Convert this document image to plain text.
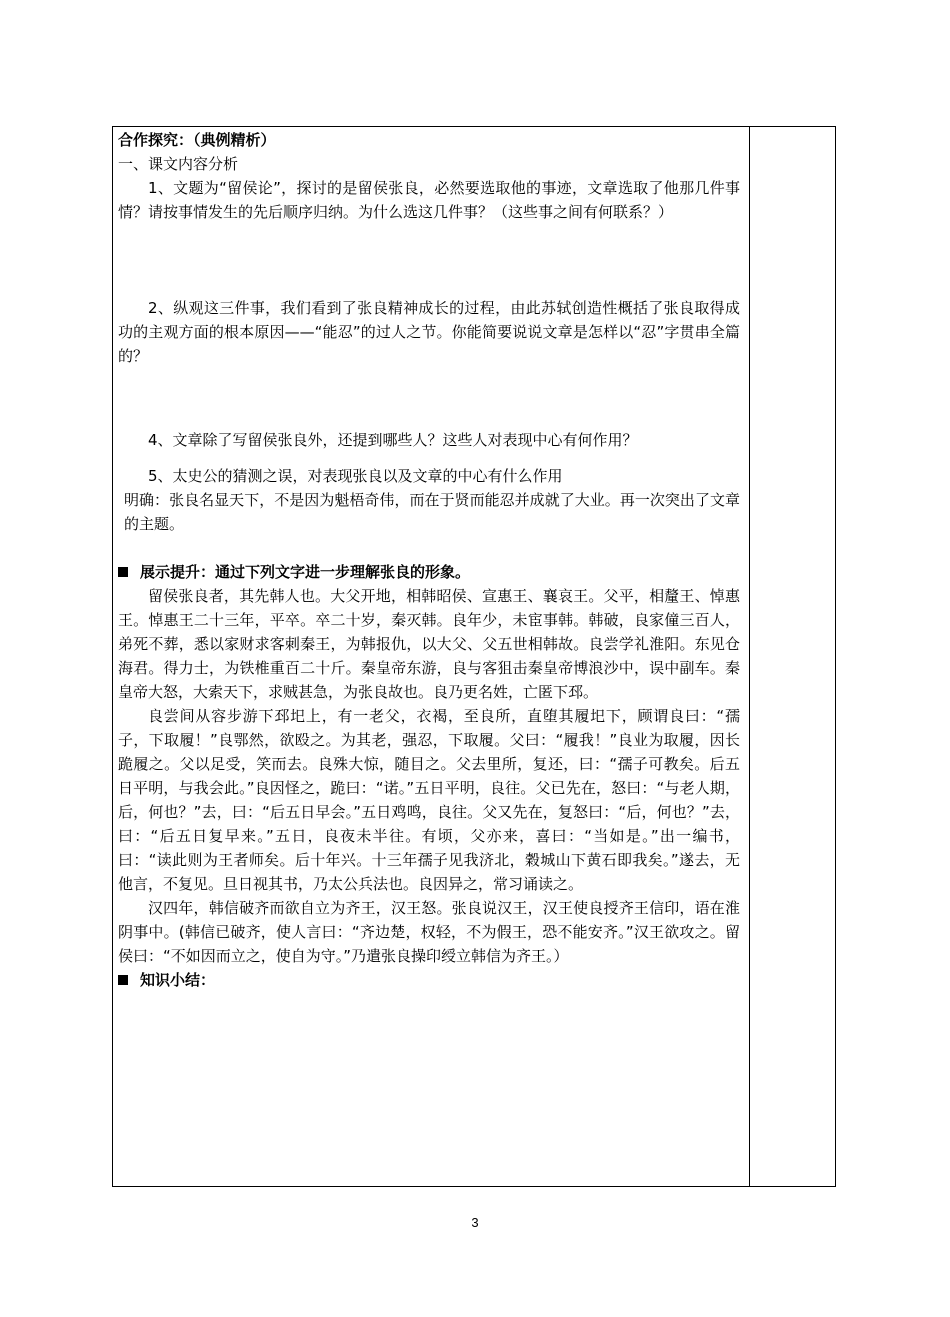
合作探究：（典例精析）

一、课文内容分析

1、文题为“留侯论”，探讨的是留侯张良，必然要选取他的事迹，文章选取了他那几件事情？请按事情发生的先后顺序归纳。为什么选这几件事？（这些事之间有何联系？）

2、纵观这三件事，我们看到了张良精神成长的过程，由此苏轼创造性概括了张良取得成功的主观方面的根本原因——“能忍”的过人之节。你能简要说说文章是怎样以“忍”字贯串全篇的？

4、文章除了写留侯张良外，还提到哪些人？这些人对表现中心有何作用？

5、太史公的猜测之误，对表现张良以及文章的中心有什么作用

明确：张良名显天下，不是因为魁梧奇伟，而在于贤而能忍并成就了大业。再一次突出了文章的主题。

展示提升：通过下列文字进一步理解张良的形象。

留侯张良者，其先韩人也。大父开地，相韩昭侯、宣惠王、襄哀王。父平，相釐王、悼惠王。悼惠王二十三年，平卒。卒二十岁，秦灭韩。良年少，未宦事韩。韩破，良家僮三百人，弟死不葬，悉以家财求客刺秦王，为韩报仇，以大父、父五世相韩故。良尝学礼淮阳。东见仓海君。得力士，为铁椎重百二十斤。秦皇帝东游，良与客狙击秦皇帝博浪沙中，误中副车。秦皇帝大怒，大索天下，求贼甚急，为张良故也。良乃更名姓，亡匿下邳。

良尝间从容步游下邳圯上，有一老父，衣褐，至良所，直堕其履圯下，顾谓良曰：“孺子，下取履！”良鄂然，欲殴之。为其老，强忍，下取履。父曰：“履我！”良业为取履，因长跪履之。父以足受，笑而去。良殊大惊，随目之。父去里所，复还，曰：“孺子可教矣。后五日平明，与我会此。”良因怪之，跪曰：“诺。”五日平明，良往。父已先在，怒曰：“与老人期，后，何也？”去，曰：“后五日早会。”五日鸡鸣，良往。父又先在，复怒曰：“后，何也？”去，曰：“后五日复早来。”五日，良夜未半往。有顷，父亦来，喜曰：“当如是。”出一编书，曰：“读此则为王者师矣。后十年兴。十三年孺子见我济北，穀城山下黄石即我矣。”遂去，无他言，不复见。旦日视其书，乃太公兵法也。良因异之，常习诵读之。

汉四年，韩信破齐而欲自立为齐王，汉王怒。张良说汉王，汉王使良授齐王信印，语在淮阴事中。(韩信已破齐，使人言曰：“齐边楚，权轻，不为假王，恐不能安齐。”汉王欲攻之。留侯曰：“不如因而立之，使自为守。”乃遣张良操印绶立韩信为齐王。）

知识小结：

3
